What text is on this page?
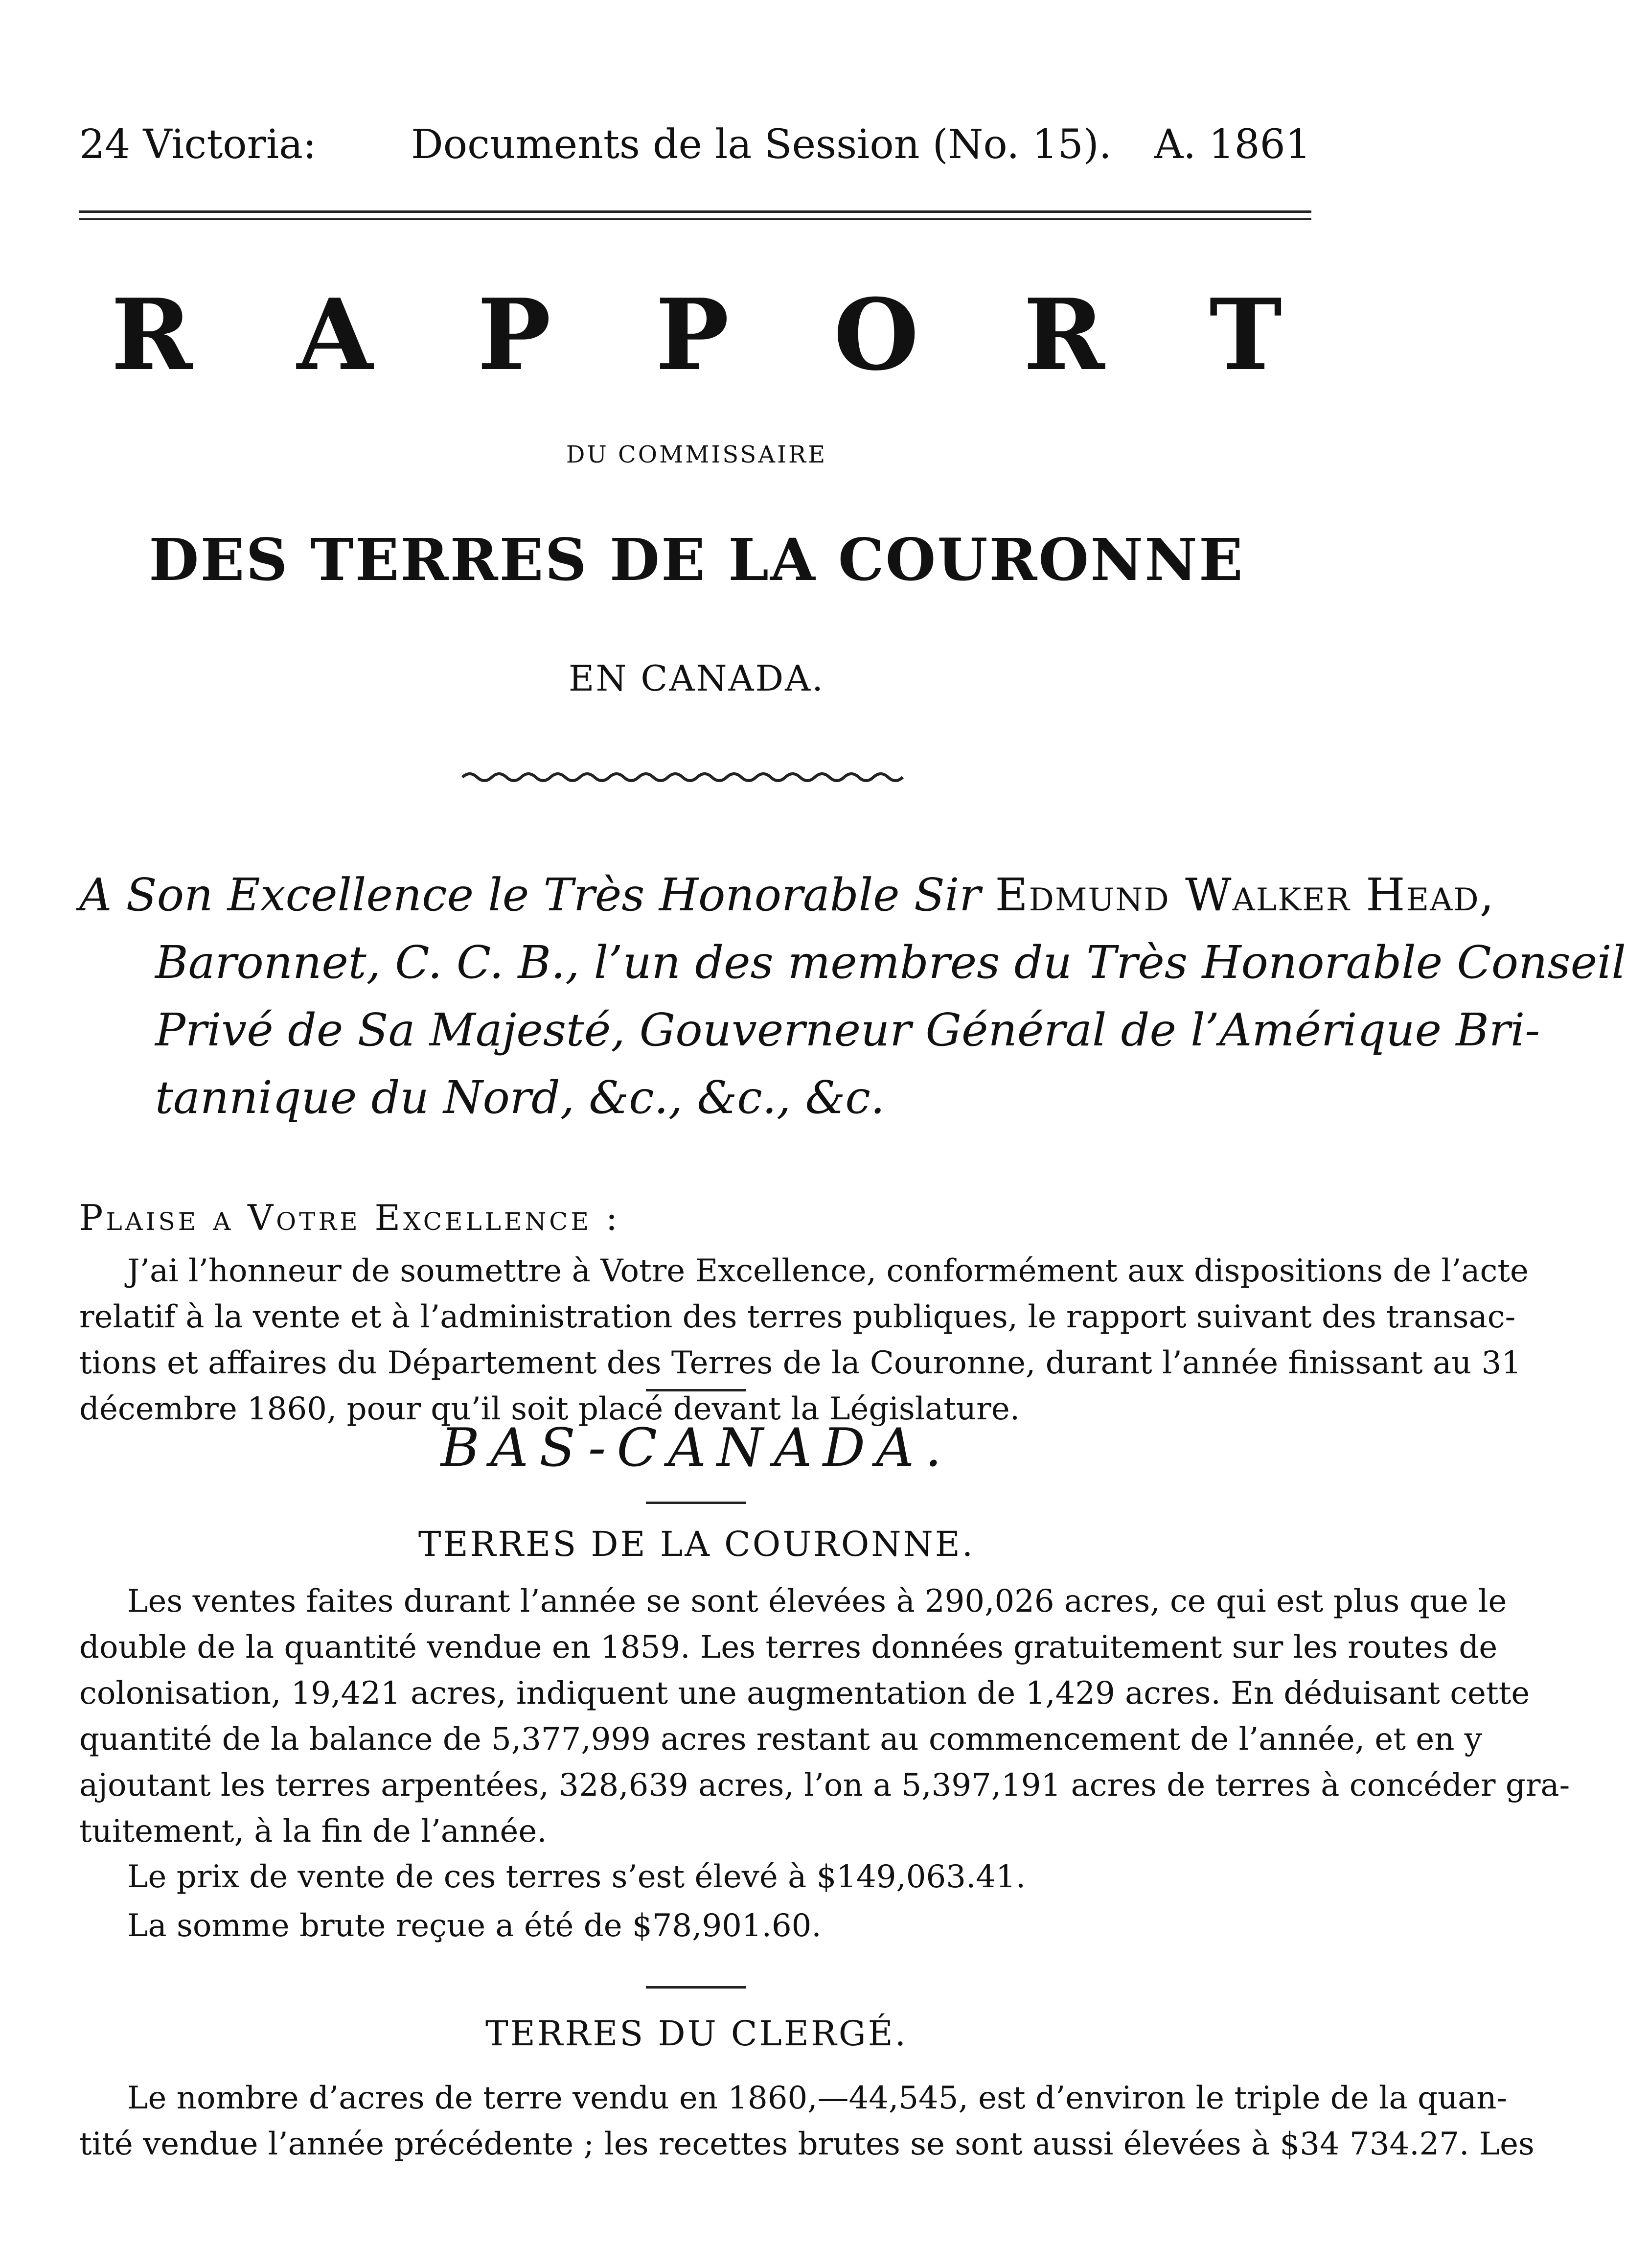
24 Victoria: Documents de la Session (No. 15). A. 1861
R A P P O R T
DU COMMISSAIRE
DES TERRES DE LA COURONNE
EN CANADA.
A Son Excellence le Très Honorable Sir Edmund Walker Head,
Baronnet, C. C. B., l’un des membres du Très Honorable Conseil
Privé de Sa Majesté, Gouverneur Général de l’Amérique Bri-
tannique du Nord, &c., &c., &c.
Plaise a Votre Excellence :
J’ai l’honneur de soumettre à Votre Excellence, conformément aux dispositions de l’acte
relatif à la vente et à l’administration des terres publiques, le rapport suivant des transac-
tions et affaires du Département des Terres de la Couronne, durant l’année finissant au 31
décembre 1860, pour qu’il soit placé devant la Législature.
BAS-CANADA.
TERRES DE LA COURONNE.
Les ventes faites durant l’année se sont élevées à 290,026 acres, ce qui est plus que le
double de la quantité vendue en 1859. Les terres données gratuitement sur les routes de
colonisation, 19,421 acres, indiquent une augmentation de 1,429 acres. En déduisant cette
quantité de la balance de 5,377,999 acres restant au commencement de l’année, et en y
ajoutant les terres arpentées, 328,639 acres, l’on a 5,397,191 acres de terres à concéder gra-
tuitement, à la fin de l’année.
Le prix de vente de ces terres s’est élevé à $149,063.41.
La somme brute reçue a été de $78,901.60.
TERRES DU CLERGÉ.
Le nombre d’acres de terre vendu en 1860,—44,545, est d’environ le triple de la quan-
tité vendue l’année précédente ; les recettes brutes se sont aussi élevées à $34 734.27. Les
